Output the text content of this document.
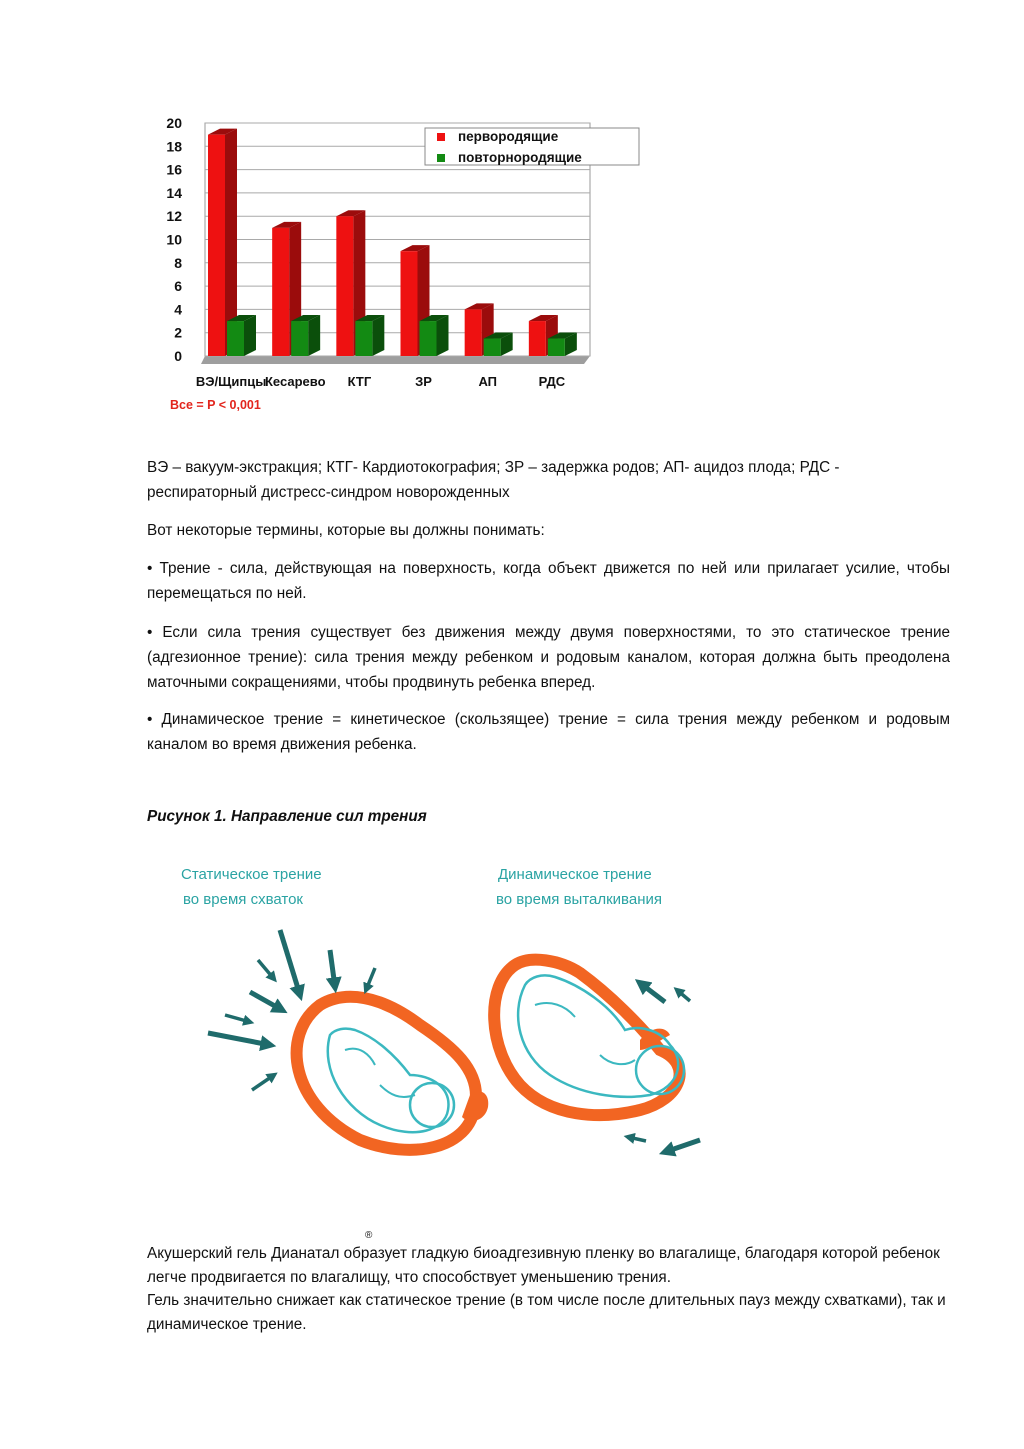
20
18
16
14
12
10
8
6
4
2
0
ВЭ/Щипцы
Кесарево КТГ	ЗР	АП	РДС
первородящие
повторнородящие
Все = P < 0,001

ВЭ – вакуум-экстракция; КТГ- Кардиотокография; ЗР – задержка родов; АП- ацидоз плода; РДС - респираторный дистресс-синдром новорожденных

Вот некоторые термины, которые вы должны понимать:

• Трение - сила, действующая на поверхность, когда объект движется по ней или прилагает усилие, чтобы перемещаться по ней.

• Если сила трения существует без движения между двумя поверхностями, то это статическое трение (адгезионное трение): сила трения между ребенком и родовым каналом, которая должна быть преодолена маточными сокращениями, чтобы продвинуть ребенка вперед.

• Динамическое трение = кинетическое (скользящее) трение = сила трения между ребенком и родовым каналом во время движения ребенка.

Рисунок 1. Направление сил трения

Статическое трение
во время схваток
Динамическое трение
во время выталкивания
®

Акушерский гель Дианатал образует гладкую биоадгезивную пленку во влагалище, благодаря которой ребенок легче продвигается по влагалищу, что способствует уменьшению трения.

Гель значительно снижает как статическое трение (в том числе после длительных пауз между схватками), так и динамическое трение.
